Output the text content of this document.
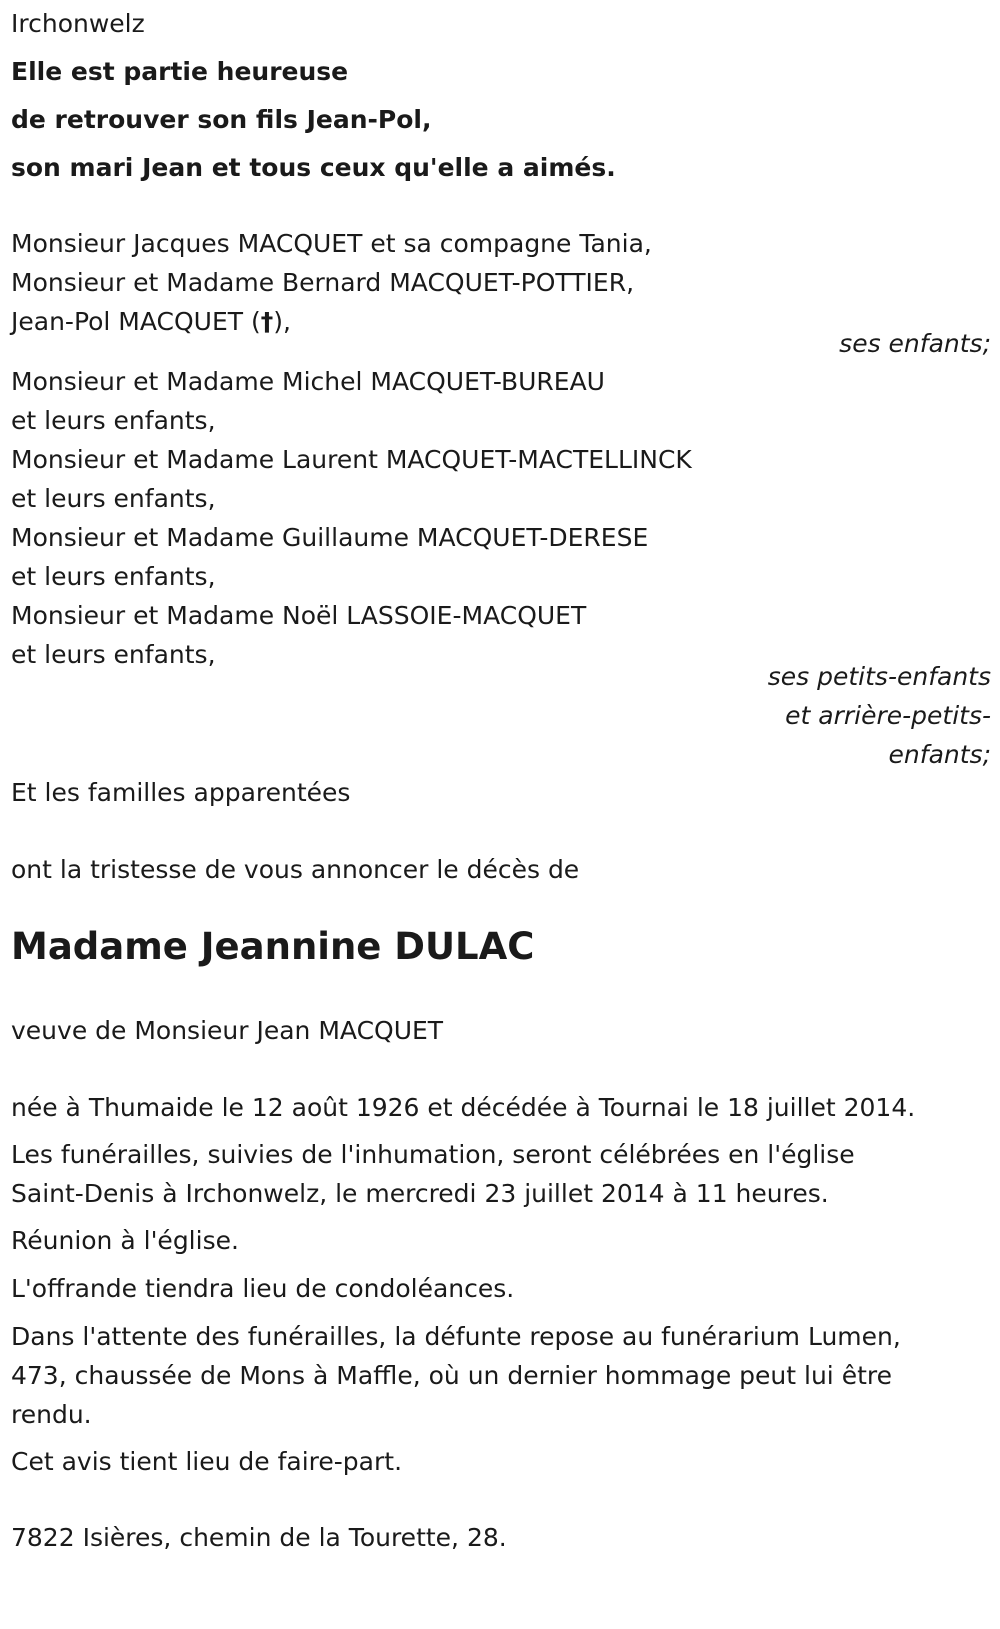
Irchonwelz
Elle est partie heureuse
de retrouver son fils Jean-Pol,
son mari Jean et tous ceux qu'elle a aimés.
Monsieur Jacques MACQUET et sa compagne Tania,
Monsieur et Madame Bernard MACQUET-POTTIER,
Jean-Pol MACQUET (†),
ses enfants;
Monsieur et Madame Michel MACQUET-BUREAU
et leurs enfants,
Monsieur et Madame Laurent MACQUET-MACTELLINCK
et leurs enfants,
Monsieur et Madame Guillaume MACQUET-DERESE
et leurs enfants,
Monsieur et Madame Noël LASSOIE-MACQUET
et leurs enfants,
ses petits-enfants
et arrière-petits-
enfants;
Et les familles apparentées
ont la tristesse de vous annoncer le décès de
Madame Jeannine DULAC
veuve de Monsieur Jean MACQUET
née à Thumaide le 12 août 1926 et décédée à Tournai le 18 juillet 2014.
Les funérailles, suivies de l'inhumation, seront célébrées en l'église
Saint-Denis à Irchonwelz, le mercredi 23 juillet 2014 à 11 heures.
Réunion à l'église.
L'offrande tiendra lieu de condoléances.
Dans l'attente des funérailles, la défunte repose au funérarium Lumen,
473, chaussée de Mons à Maffle, où un dernier hommage peut lui être
rendu.
Cet avis tient lieu de faire-part.
7822 Isières, chemin de la Tourette, 28.
